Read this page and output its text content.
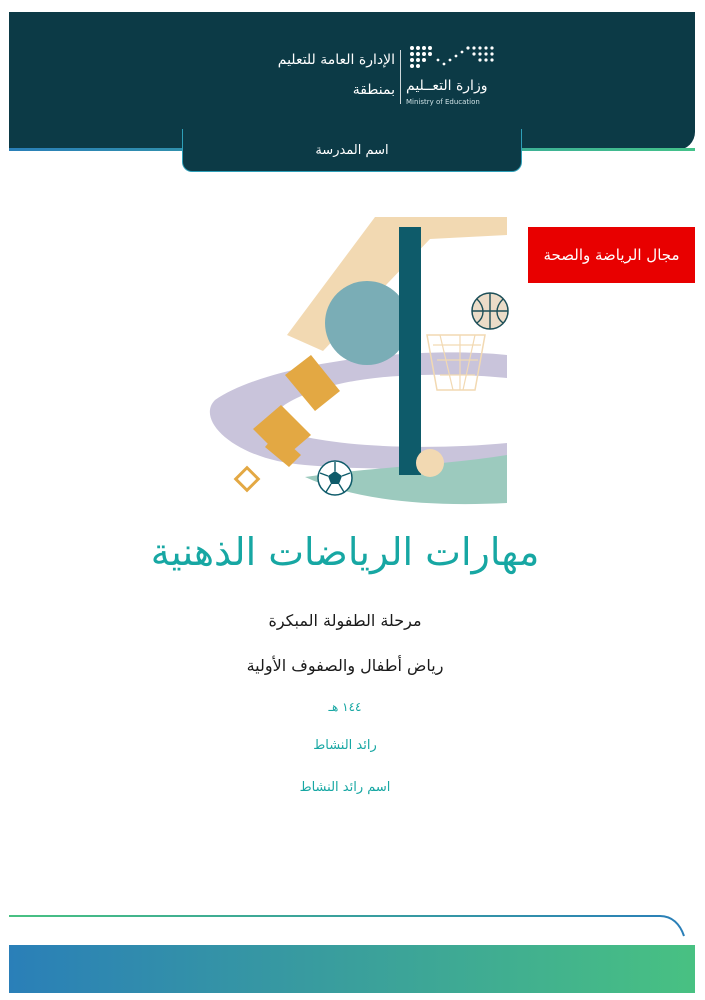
الإدارة العامة للتعليم
بمنطقة وزارة التعــليم
Ministry of Education
اسم المدرسة
مجال الرياضة والصحة
مهارات الرياضات الذهنية
مرحلة الطفولة المبكرة
رياض أطفال والصفوف الأولية
١٤٤ هـ
رائد النشاط
اسم رائد النشاط
